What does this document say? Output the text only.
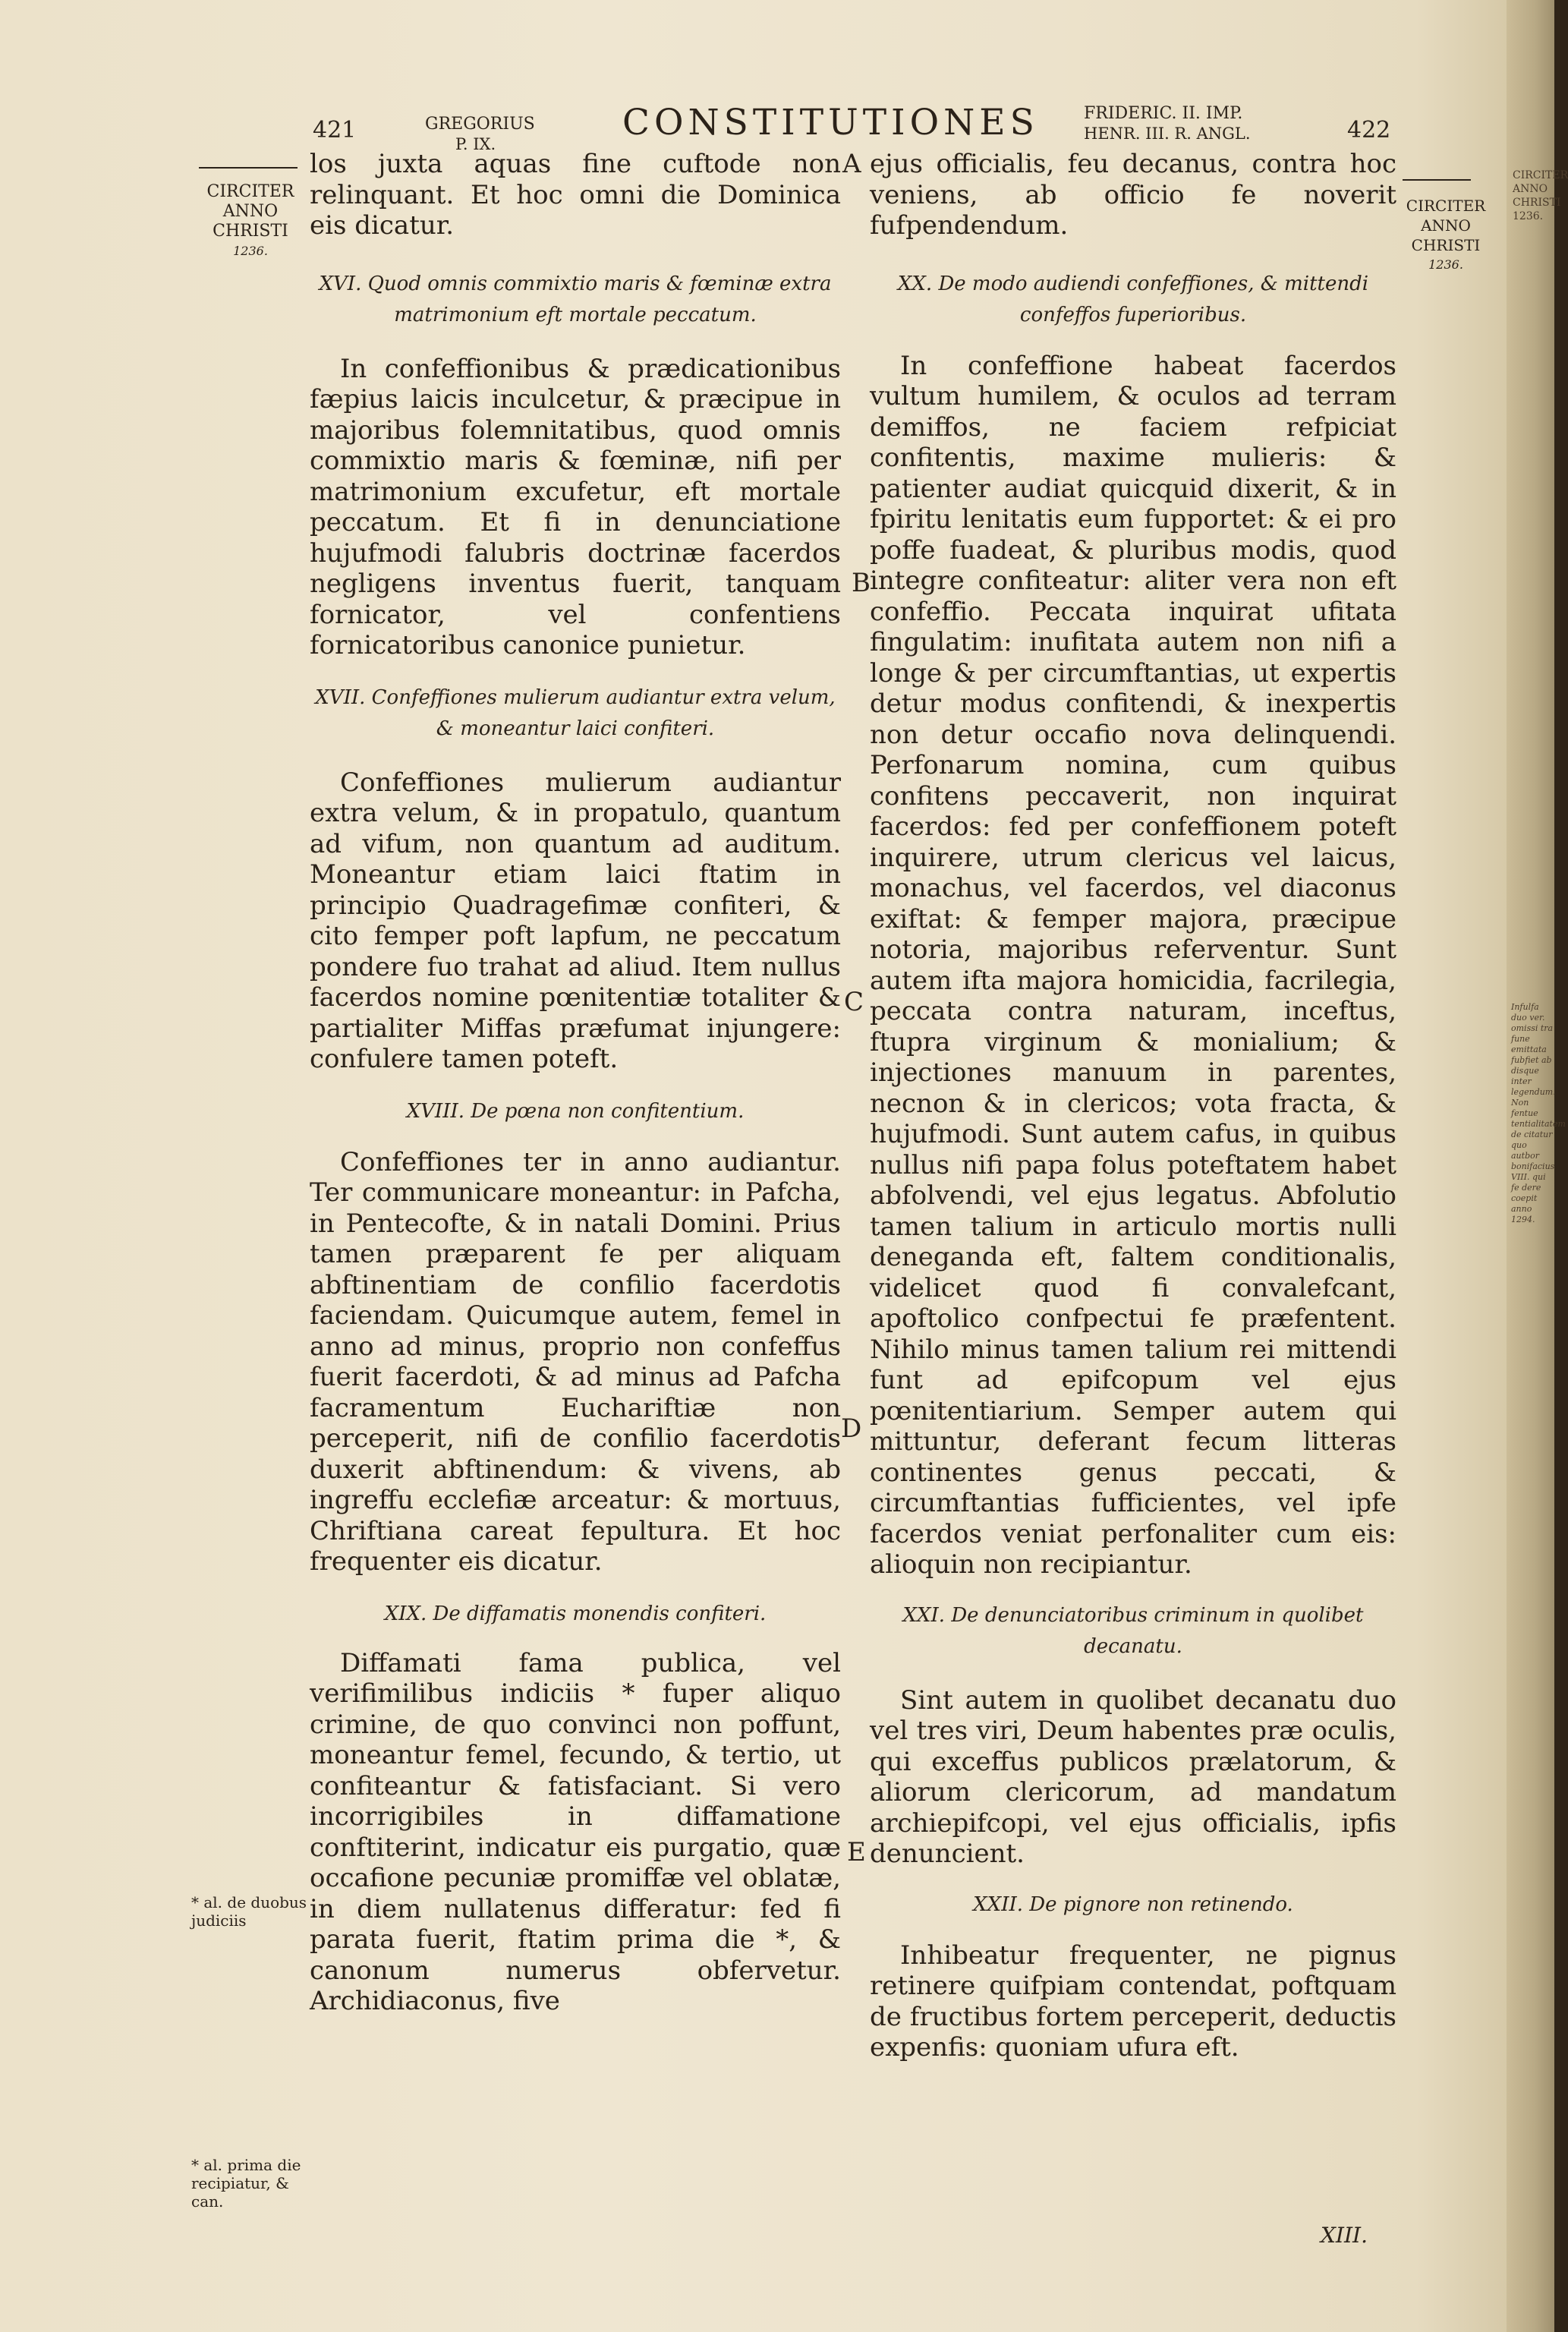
421	GREGORIUS
P. IX.
CONSTITUTIONES	FRIDERIC. II. IMP.
HENR. III. R. ANGL.	422
CIRCITER
ANNO
CHRISTI
1236.
CIRCITER
ANNO
CHRISTI
1236.
A
B
C
D
E
* al. de duobus judiciis
* al. prima die recipiatur, & can.

los juxta aquas fine cuftode non relinquant. Et hoc omni die Dominica eis dicatur.

XVI. Quod omnis commixtio maris & fœminæ extra matrimonium eft mortale peccatum.

In confeffionibus & prædicationibus fæpius laicis inculcetur, & præcipue in majoribus folemnitatibus, quod omnis commixtio maris & fœminæ, nifi per matrimonium excufetur, eft mortale peccatum. Et fi in denunciatione hujufmodi falubris doctrinæ facerdos negligens inventus fuerit, tanquam fornicator, vel confentiens fornicatoribus canonice punietur.

XVII. Confeffiones mulierum audiantur extra velum, & moneantur laici confiteri.

Confeffiones mulierum audiantur extra velum, & in propatulo, quantum ad vifum, non quantum ad auditum. Moneantur etiam laici ftatim in principio Quadragefimæ confiteri, & cito femper poft lapfum, ne peccatum pondere fuo trahat ad aliud. Item nullus facerdos nomine pœnitentiæ totaliter & partialiter Miffas præfumat injungere: confulere tamen poteft.

XVIII. De pœna non confitentium.

Confeffiones ter in anno audiantur. Ter communicare moneantur: in Pafcha, in Pentecofte, & in natali Domini. Prius tamen præparent fe per aliquam abftinentiam de confilio facerdotis faciendam. Quicumque autem, femel in anno ad minus, proprio non confeffus fuerit facerdoti, & ad minus ad Pafcha facramentum Euchariftiæ non perceperit, nifi de confilio facerdotis duxerit abftinendum: & vivens, ab ingreffu ecclefiæ arceatur: & mortuus, Chriftiana careat fepultura. Et hoc frequenter eis dicatur.

XIX. De diffamatis monendis confiteri.

Diffamati fama publica, vel verifimilibus indiciis * fuper aliquo crimine, de quo convinci non poffunt, moneantur femel, fecundo, & tertio, ut confiteantur & fatisfaciant. Si vero incorrigibiles in diffamatione conftiterint, indicatur eis purgatio, quæ occafione pecuniæ promiffæ vel oblatæ, in diem nullatenus differatur: fed fi parata fuerit, ftatim prima die *, & canonum numerus obfervetur. Archidiaconus, five

ejus officialis, feu decanus, contra hoc veniens, ab officio fe noverit fufpendendum.

XX. De modo audiendi confeffiones, & mittendi confeffos fuperioribus.

In confeffione habeat facerdos vultum humilem, & oculos ad terram demiffos, ne faciem refpiciat confitentis, maxime mulieris: & patienter audiat quicquid dixerit, & in fpiritu lenitatis eum fupportet: & ei pro poffe fuadeat, & pluribus modis, quod integre confiteatur: aliter vera non eft confeffio. Peccata inquirat ufitata fingulatim: inufitata autem non nifi a longe & per circumftantias, ut expertis detur modus confitendi, & inexpertis non detur occafio nova delinquendi. Perfonarum nomina, cum quibus confitens peccaverit, non inquirat facerdos: fed per confeffionem poteft inquirere, utrum clericus vel laicus, monachus, vel facerdos, vel diaconus exiftat: & femper majora, præcipue notoria, majoribus referventur. Sunt autem ifta majora homicidia, facrilegia, peccata contra naturam, inceftus, ftupra virginum & monialium; & injectiones manuum in parentes, necnon & in clericos; vota fracta, & hujufmodi. Sunt autem cafus, in quibus nullus nifi papa folus poteftatem habet abfolvendi, vel ejus legatus. Abfolutio tamen talium in articulo mortis nulli deneganda eft, faltem conditionalis, videlicet quod fi convalefcant, apoftolico confpectui fe præfentent. Nihilo minus tamen talium rei mittendi funt ad epifcopum vel ejus pœnitentiarium. Semper autem qui mittuntur, deferant fecum litteras continentes genus peccati, & circumftantias fufficientes, vel ipfe facerdos veniat perfonaliter cum eis: alioquin non recipiantur.

XXI. De denunciatoribus criminum in quolibet decanatu.

Sint autem in quolibet decanatu duo vel tres viri, Deum habentes præ oculis, qui exceffus publicos prælatorum, & aliorum clericorum, ad mandatum archiepifcopi, vel ejus officialis, ipfis denuncient.

XXII. De pignore non retinendo.

Inhibeatur frequenter, ne pignus retinere quifpiam contendat, poftquam de fructibus fortem perceperit, deductis expenfis: quoniam ufura eft.

XIII.
CIRCITER ANNO CHRISTI 1236.
Infulfa duo ver. omissi tra fune emittata fubfiet ab disque inter legendum. Non fentue tentialitatem de citatur quo autbor bonifacius VIII. qui fe dere coepit anno 1294.
